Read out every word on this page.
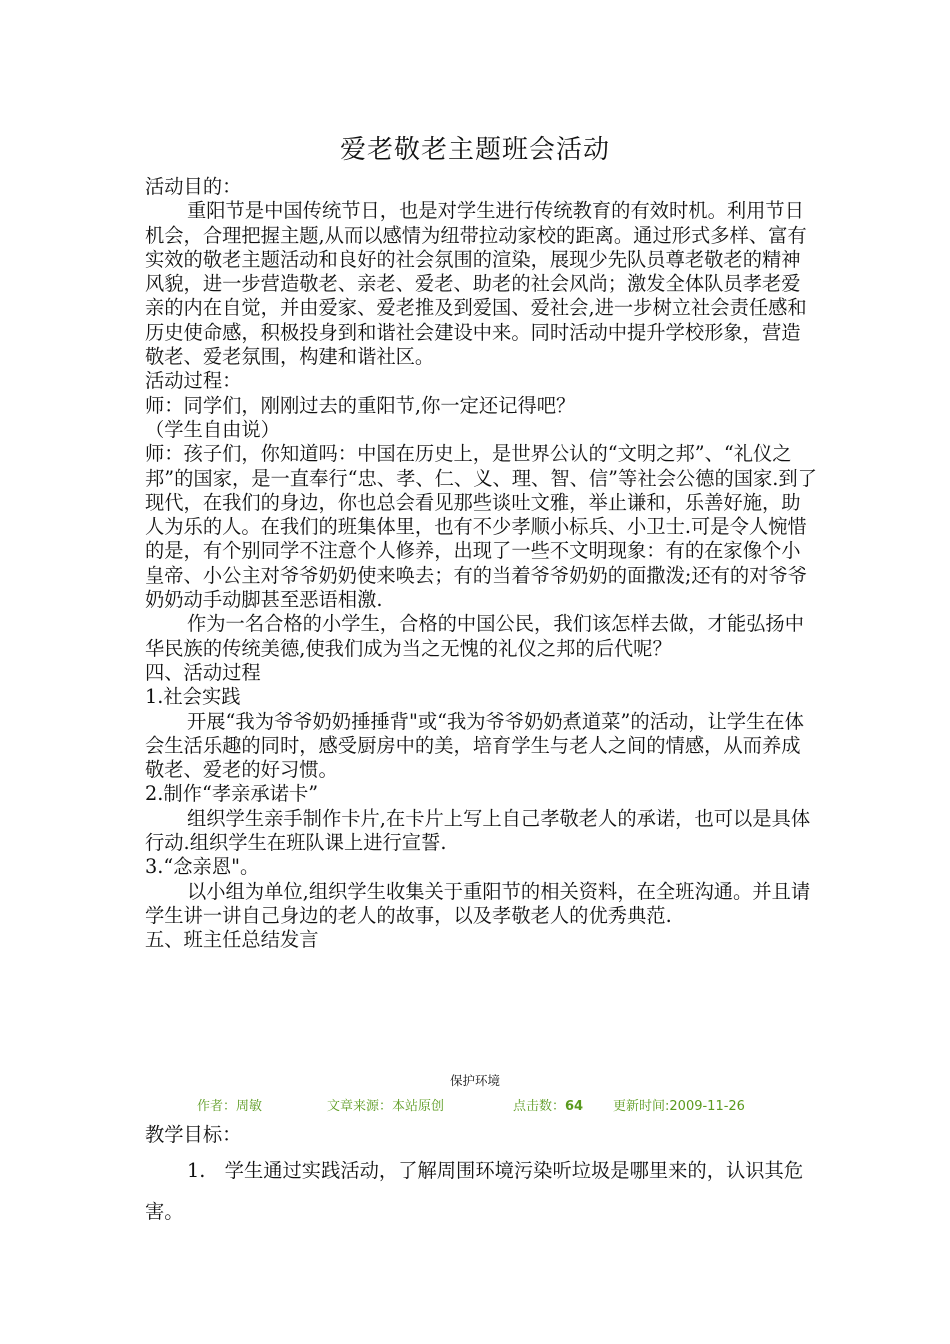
爱老敬老主题班会活动

活动目的：

重阳节是中国传统节日，也是对学生进行传统教育的有效时机。利用节日机会，合理把握主题,从而以感情为纽带拉动家校的距离。通过形式多样、富有实效的敬老主题活动和良好的社会氛围的渲染，展现少先队员尊老敬老的精神风貌，进一步营造敬老、亲老、爱老、助老的社会风尚；激发全体队员孝老爱亲的内在自觉，并由爱家、爱老推及到爱国、爱社会,进一步树立社会责任感和历史使命感，积极投身到和谐社会建设中来。同时活动中提升学校形象，营造敬老、爱老氛围，构建和谐社区。

活动过程：

师：同学们，刚刚过去的重阳节,你一定还记得吧？

（学生自由说）

师：孩子们，你知道吗：中国在历史上，是世界公认的“文明之邦”、“礼仪之邦”的国家，是一直奉行“忠、孝、仁、义、理、智、信”等社会公德的国家.到了现代，在我们的身边，你也总会看见那些谈吐文雅，举止谦和，乐善好施，助人为乐的人。在我们的班集体里，也有不少孝顺小标兵、小卫士.可是令人惋惜的是，有个别同学不注意个人修养，出现了一些不文明现象：有的在家像个小皇帝、小公主对爷爷奶奶使来唤去；有的当着爷爷奶奶的面撒泼;还有的对爷爷奶奶动手动脚甚至恶语相激.

作为一名合格的小学生，合格的中国公民，我们该怎样去做，才能弘扬中华民族的传统美德,使我们成为当之无愧的礼仪之邦的后代呢？

四、活动过程

1.社会实践

开展“我为爷爷奶奶捶捶背"或“我为爷爷奶奶煮道菜”的活动，让学生在体会生活乐趣的同时，感受厨房中的美，培育学生与老人之间的情感，从而养成敬老、爱老的好习惯。

2.制作“孝亲承诺卡”

组织学生亲手制作卡片,在卡片上写上自己孝敬老人的承诺，也可以是具体行动.组织学生在班队课上进行宣誓.

3.“念亲恩"。

以小组为单位,组织学生收集关于重阳节的相关资料，在全班沟通。并且请学生讲一讲自己身边的老人的故事，以及孝敬老人的优秀典范.

五、班主任总结发言

保护环境
作者：周敏	文章来源：本站原创	点击数：64 更新时间:2009-11-26
教学目标：
1.　学生通过实践活动，了解周围环境污染听垃圾是哪里来的，认识其危害。
